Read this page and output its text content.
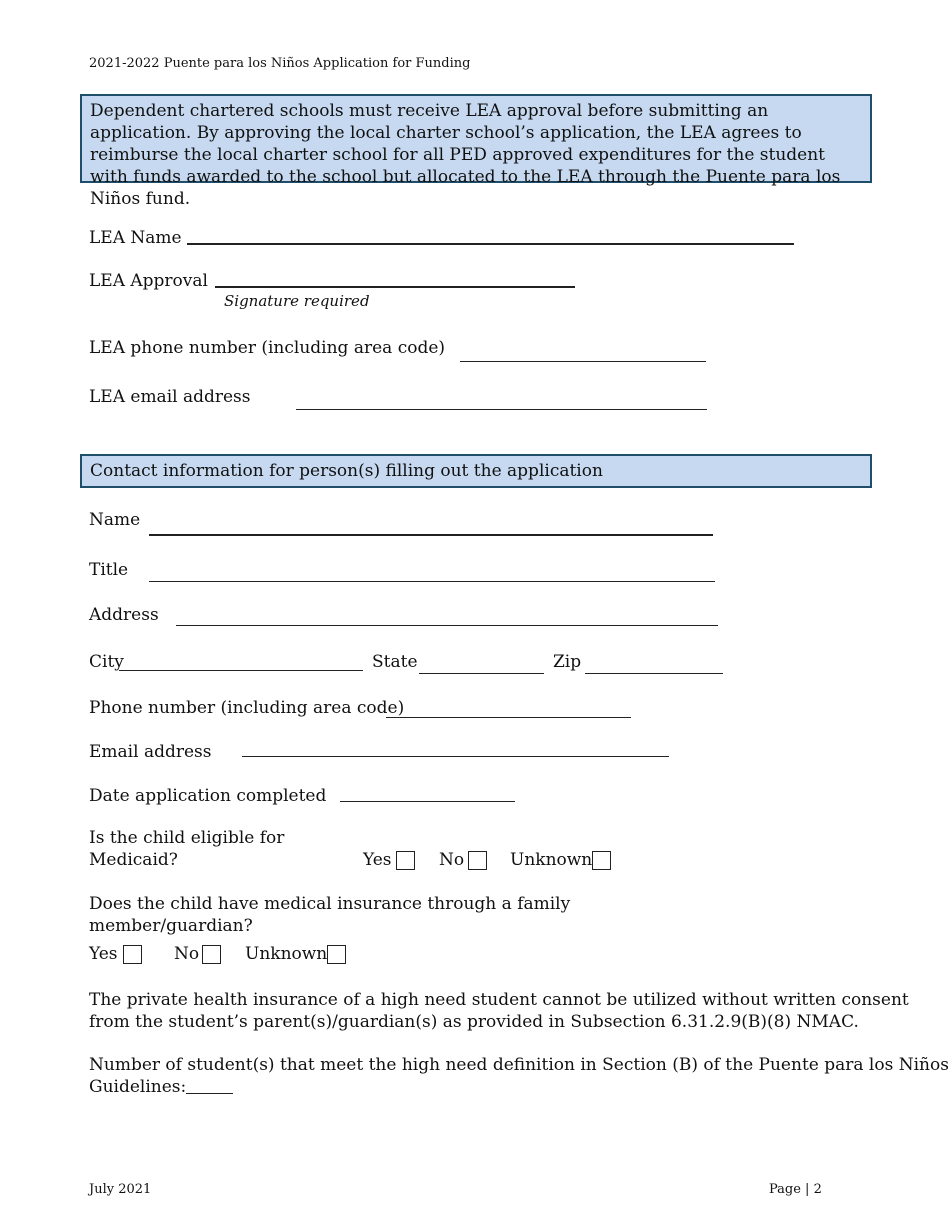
2021-2022 Puente para los Niños Application for Funding
Dependent chartered schools must receive LEA approval before submitting an application. By approving the local charter school’s application, the LEA agrees to reimburse the local charter school for all PED approved expenditures for the student with funds awarded to the school but allocated to the LEA through the Puente para los Niños fund.
LEA Name
LEA Approval
Signature required
LEA phone number (including area code)
LEA email address
Contact information for person(s) filling out the application
Name
Title
Address
City	State	Zip
Phone number (including area code)
Email address
Date application completed
Is the child eligible for
Medicaid?	Yes	No	Unknown
Does the child have medical insurance through a family
member/guardian?
Yes	No	Unknown
The private health insurance of a high need student cannot be utilized without written consent
from the student’s parent(s)/guardian(s) as provided in Subsection 6.31.2.9(B)(8) NMAC.
Number of student(s) that meet the high need definition in Section (B) of the Puente para los Niños
Guidelines:
July 2021	Page | 2
